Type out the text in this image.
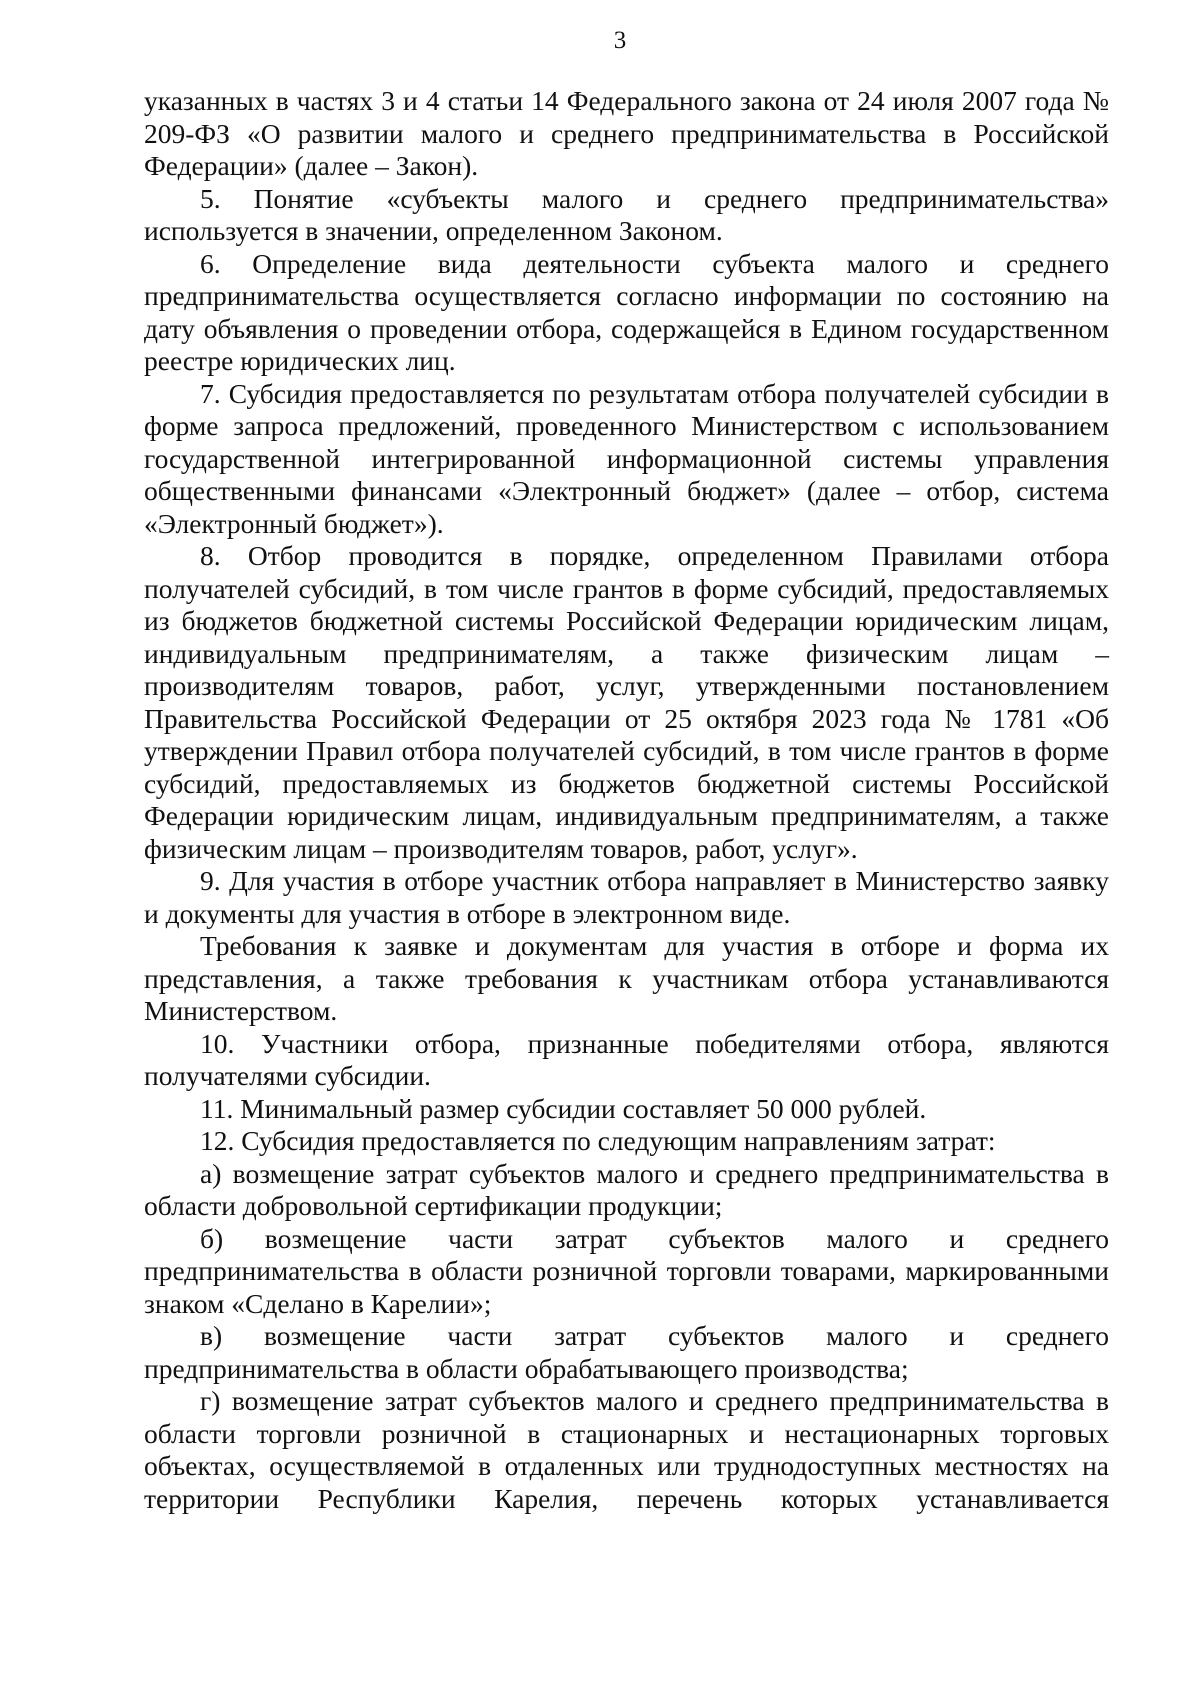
3

указанных в частях 3 и 4 статьи 14 Федерального закона от 24 июля 2007 года № 209-ФЗ «О развитии малого и среднего предпринимательства в Российской Федерации» (далее – Закон).

5. Понятие «субъекты малого и среднего предпринимательства» используется в значении, определенном Законом.

6. Определение вида деятельности субъекта малого и среднего предпринимательства осуществляется согласно информации по состоянию на дату объявления о проведении отбора, содержащейся в Едином государственном реестре юридических лиц.

7. Субсидия предоставляется по результатам отбора получателей субсидии в форме запроса предложений, проведенного Министерством с использованием государственной интегрированной информационной системы управления общественными финансами «Электронный бюджет» (далее – отбор, система «Электронный бюджет»).

8. Отбор проводится в порядке, определенном Правилами отбора получателей субсидий, в том числе грантов в форме субсидий, предоставляемых из бюджетов бюджетной системы Российской Федерации юридическим лицам, индивидуальным предпринимателям, а также физическим лицам – производителям товаров, работ, услуг, утвержденными постановлением Правительства Российской Федерации от 25 октября 2023 года № 1781 «Об утверждении Правил отбора получателей субсидий, в том числе грантов в форме субсидий, предоставляемых из бюджетов бюджетной системы Российской Федерации юридическим лицам, индивидуальным предпринимателям, а также физическим лицам – производителям товаров, работ, услуг».

9. Для участия в отборе участник отбора направляет в Министерство заявку и документы для участия в отборе в электронном виде.

Требования к заявке и документам для участия в отборе и форма их представления, а также требования к участникам отбора устанавливаются Министерством.

10. Участники отбора, признанные победителями отбора, являются получателями субсидии.

11. Минимальный размер субсидии составляет 50 000 рублей.

12. Субсидия предоставляется по следующим направлениям затрат:

а) возмещение затрат субъектов малого и среднего предпринимательства в области добровольной сертификации продукции;

б) возмещение части затрат субъектов малого и среднего предпринимательства в области розничной торговли товарами, маркированными знаком «Сделано в Карелии»;

в) возмещение части затрат субъектов малого и среднего предпринимательства в области обрабатывающего производства;

г) возмещение затрат субъектов малого и среднего предпринимательства в области торговли розничной в стационарных и нестационарных торговых объектах, осуществляемой в отдаленных или труднодоступных местностях на территории Республики Карелия, перечень которых устанавливается
